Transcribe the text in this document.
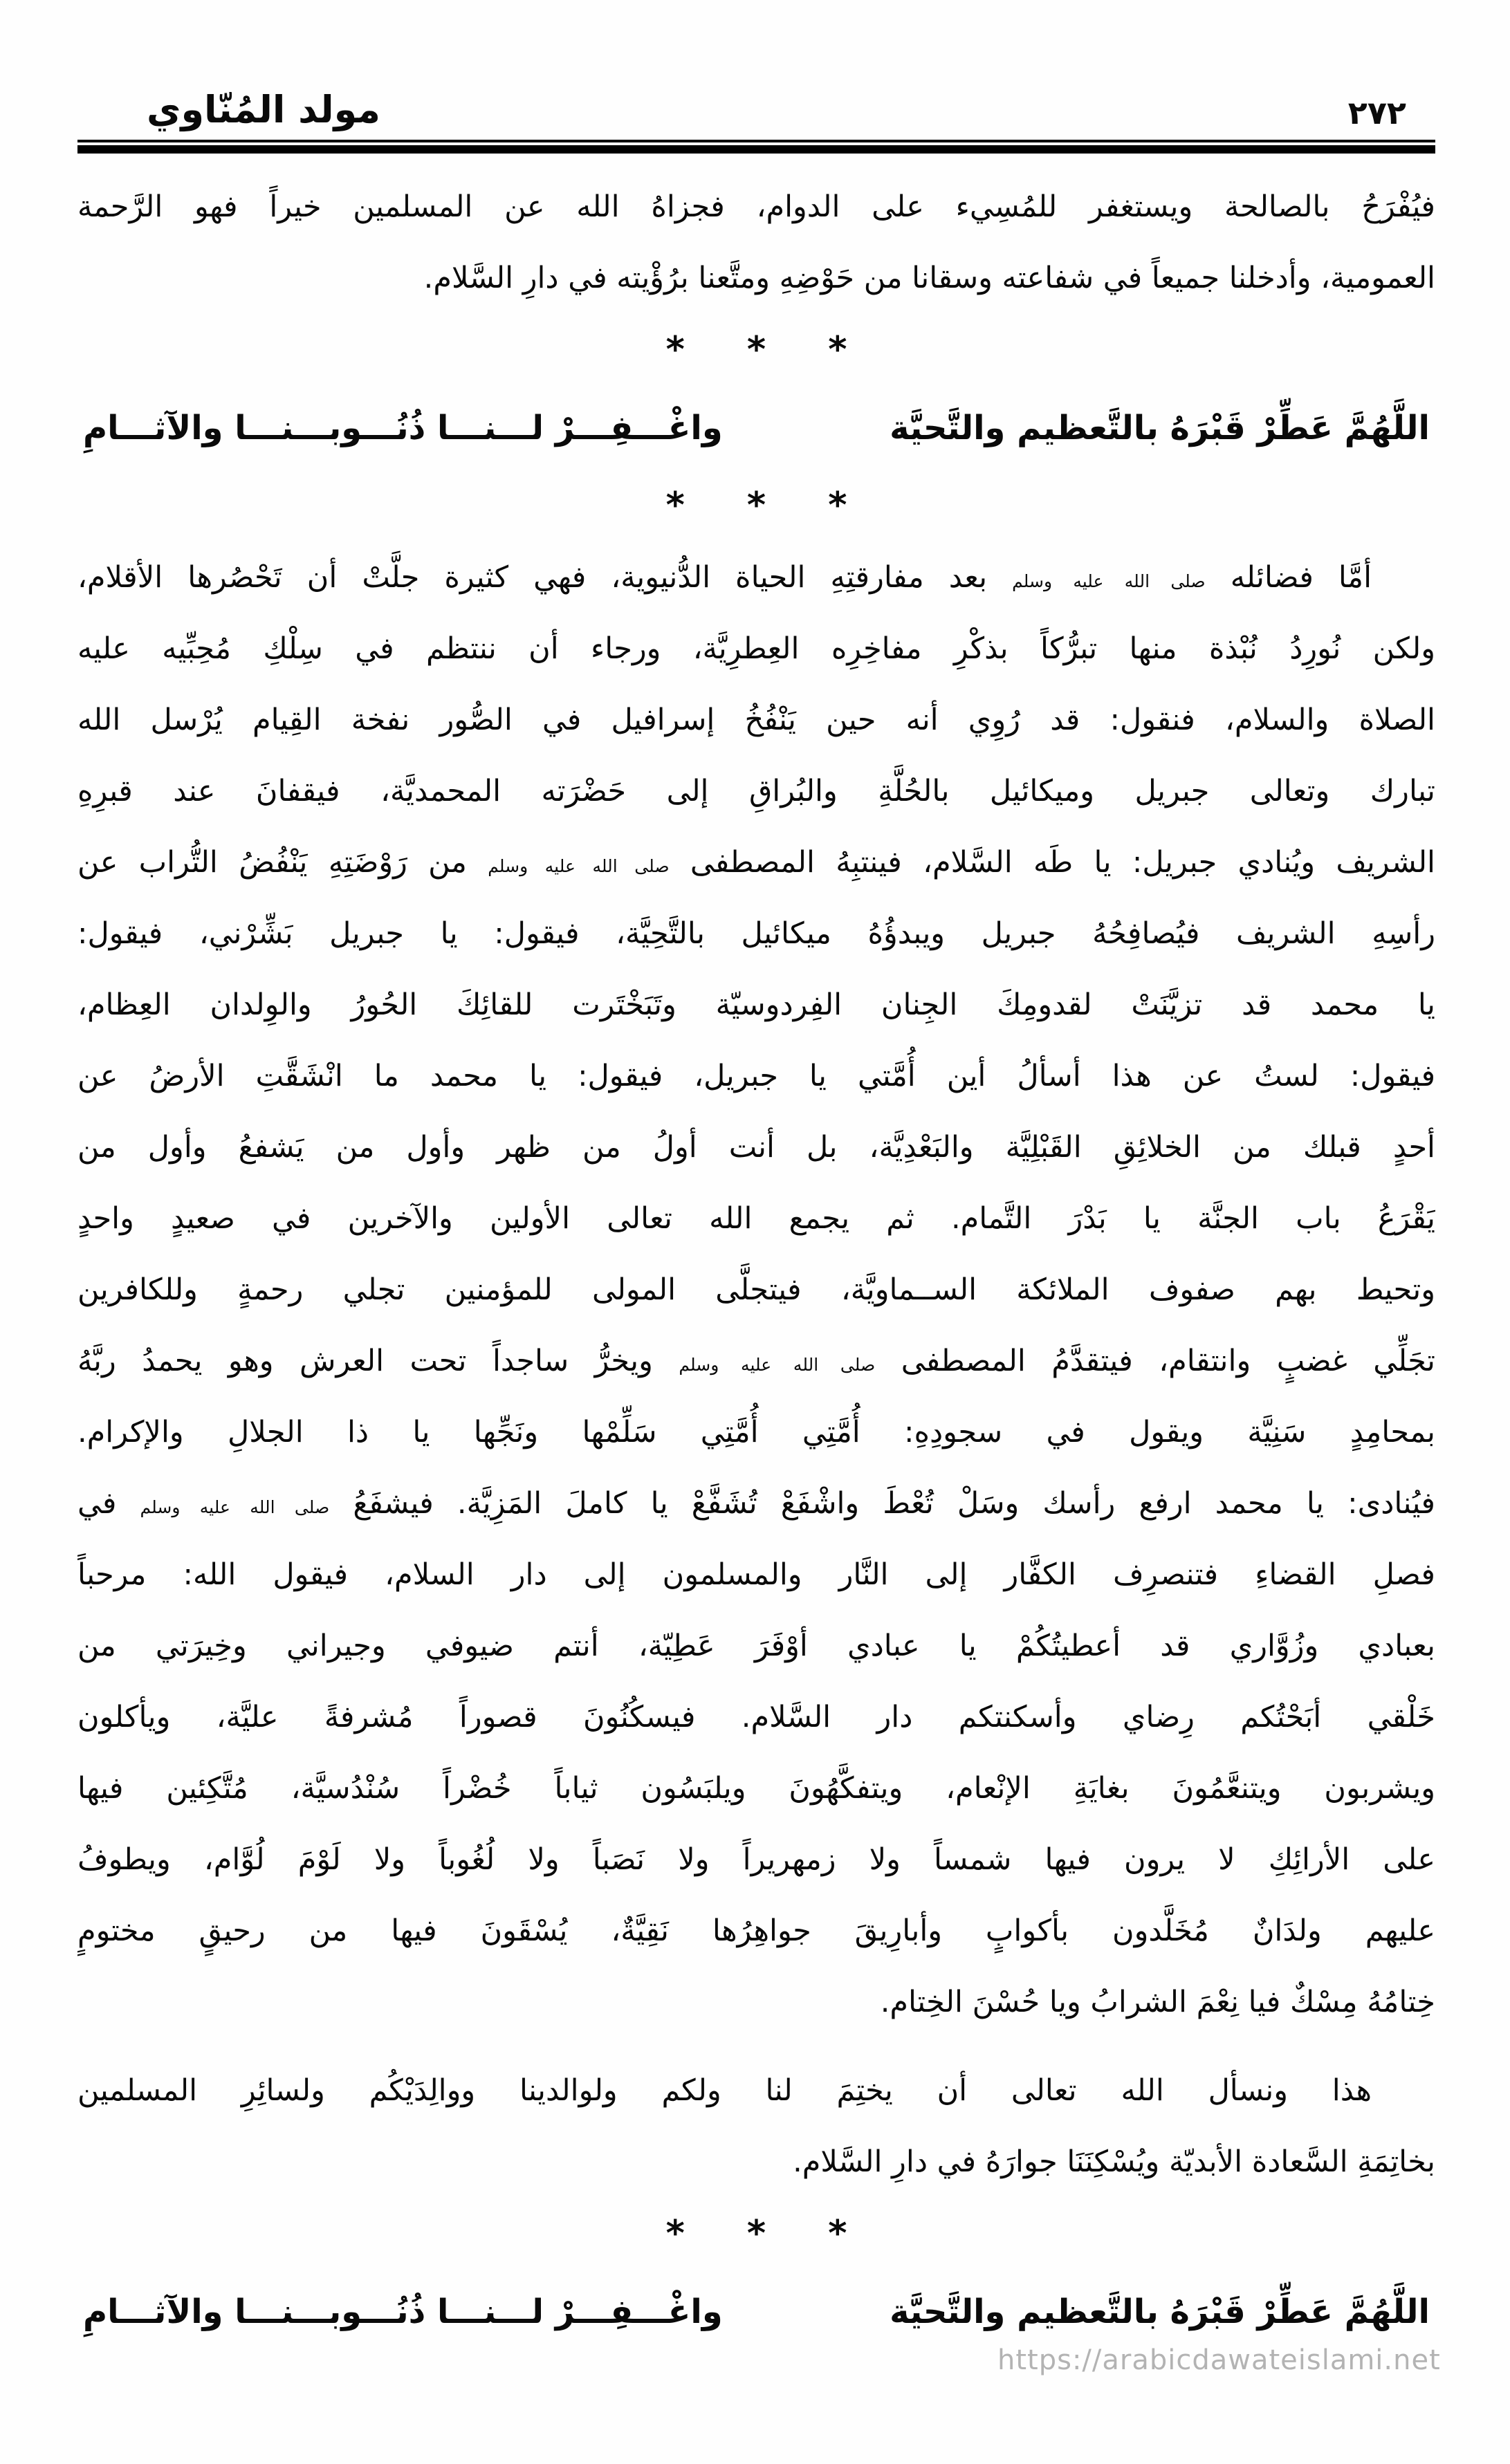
مولد المُنّاوي	٢٧٢
فيُفْرَحُ بالصالحة ويستغفر للمُسِيء على الدوام، فجزاهُ الله عن المسلمين خيراً فهو الرَّحمة
العمومية، وأدخلنا جميعاً في شفاعته وسقانا من حَوْضِهِ ومتَّعنا برُؤْيته في دارِ السَّلام.
* * *
اللَّهُمَّ عَطِّرْ قَبْرَهُ بالتَّعظيم والتَّحيَّة
واغْـــفِـــرْ لـــنـــا ذُنُـــوبـــنـــا والآثـــامِ
* * *
أمَّا فضائله صلى الله عليه وسلم بعد مفارقتِهِ الحياة الدُّنيوية، فهي كثيرة جلَّتْ أن تَحْصُرها الأقلام،
ولكن نُورِدُ نُبْذة منها تبرُّكاً بذكْرِ مفاخِرِه العِطرِيَّة، ورجاء أن ننتظم في سِلْكِ مُحِبِّيه عليه
الصلاة والسلام، فنقول: قد رُوِي أنه حين يَنْفُخُ إسرافيل في الصُّور نفخة القِيام يُرْسل الله
تبارك وتعالى جبريل وميكائيل بالحُلَّةِ والبُراقِ إلى حَضْرَته المحمديَّة، فيقفانَ عند قبرِهِ
الشريف ويُنادي جبريل: يا طَه السَّلام، فينتبِهُ المصطفى صلى الله عليه وسلم من رَوْضَتِهِ يَنْفُضُ التُّراب عن
رأسِهِ الشريف فيُصافِحُهُ جبريل ويبدؤُهُ ميكائيل بالتَّحِيَّة، فيقول: يا جبريل بَشِّرْني، فيقول:
يا محمد قد تزيَّنَتْ لقدومِكَ الجِنان الفِردوسيّة وتَبَخْتَرت للقائِكَ الحُورُ والوِلدان العِظام،
فيقول: لستُ عن هذا أسألُ أين أُمَّتي يا جبريل، فيقول: يا محمد ما انْشَقَّتِ الأرضُ عن
أحدٍ قبلك من الخلائِقِ القَبْلِيَّة والبَعْدِيَّة، بل أنت أولُ من ظهر وأول من يَشفعُ وأول من
يَقْرَعُ باب الجنَّة يا بَدْرَ التَّمام. ثم يجمع الله تعالى الأولين والآخرين في صعيدٍ واحدٍ
وتحيط بهم صفوف الملائكة الســماويَّة، فيتجلَّى المولى للمؤمنين تجلي رحمةٍ وللكافرين
تجَلِّي غضبٍ وانتقام، فيتقدَّمُ المصطفى صلى الله عليه وسلم ويخرُّ ساجداً تحت العرش وهو يحمدُ ربَّهُ
بمحامِدٍ سَنِيَّة ويقول في سجودِهِ: أُمَّتِي أُمَّتِي سَلِّمْها ونَجِّها يا ذا الجلالِ والإكرام.
فيُنادى: يا محمد ارفع رأسك وسَلْ تُعْطَ واشْفَعْ تُشَفَّعْ يا كاملَ المَزِيَّة. فيشفَعُ صلى الله عليه وسلم في
فصلِ القضاءِ فتنصرِف الكفَّار إلى النَّار والمسلمون إلى دار السلام، فيقول الله: مرحباً
بعبادي وزُوَّاري قد أعطيتُكُمْ يا عبادي أوْفَرَ عَطِيّة، أنتم ضيوفي وجيراني وخِيرَتي من
خَلْقي أبَحْتُكم رِضاي وأسكنتكم دار السَّلام. فيسكُنُونَ قصوراً مُشرفةً عليَّة، ويأكلون
ويشربون ويتنعَّمُونَ بغايَةِ الإنْعام، ويتفكَّهُونَ ويلبَسُون ثياباً خُضْراً سُنْدُسيَّة، مُتَّكِئين فيها
على الأرائِكِ لا يرون فيها شمساً ولا زمهريراً ولا نَصَباً ولا لُغُوباً ولا لَوْمَ لُوَّام، ويطوفُ
عليهم ولدَانٌ مُخَلَّدون بأكوابٍ وأبارِيقَ جواهِرُها نَقِيَّةٌ، يُسْقَونَ فيها من رحيقٍ مختومٍ
خِتامُهُ مِسْكٌ فيا نِعْمَ الشرابُ ويا حُسْنَ الخِتام.
هذا ونسأل الله تعالى أن يختِمَ لنا ولكم ولوالدينا ووالِدَيْكُم ولسائِرِ المسلمين
بخاتِمَةِ السَّعادة الأبديّة ويُسْكِنَنَا جوارَهُ في دارِ السَّلام.
* * *
اللَّهُمَّ عَطِّرْ قَبْرَهُ بالتَّعظيم والتَّحيَّة
واغْـــفِـــرْ لـــنـــا ذُنُـــوبـــنـــا والآثـــامِ
https://arabicdawateislami.net
